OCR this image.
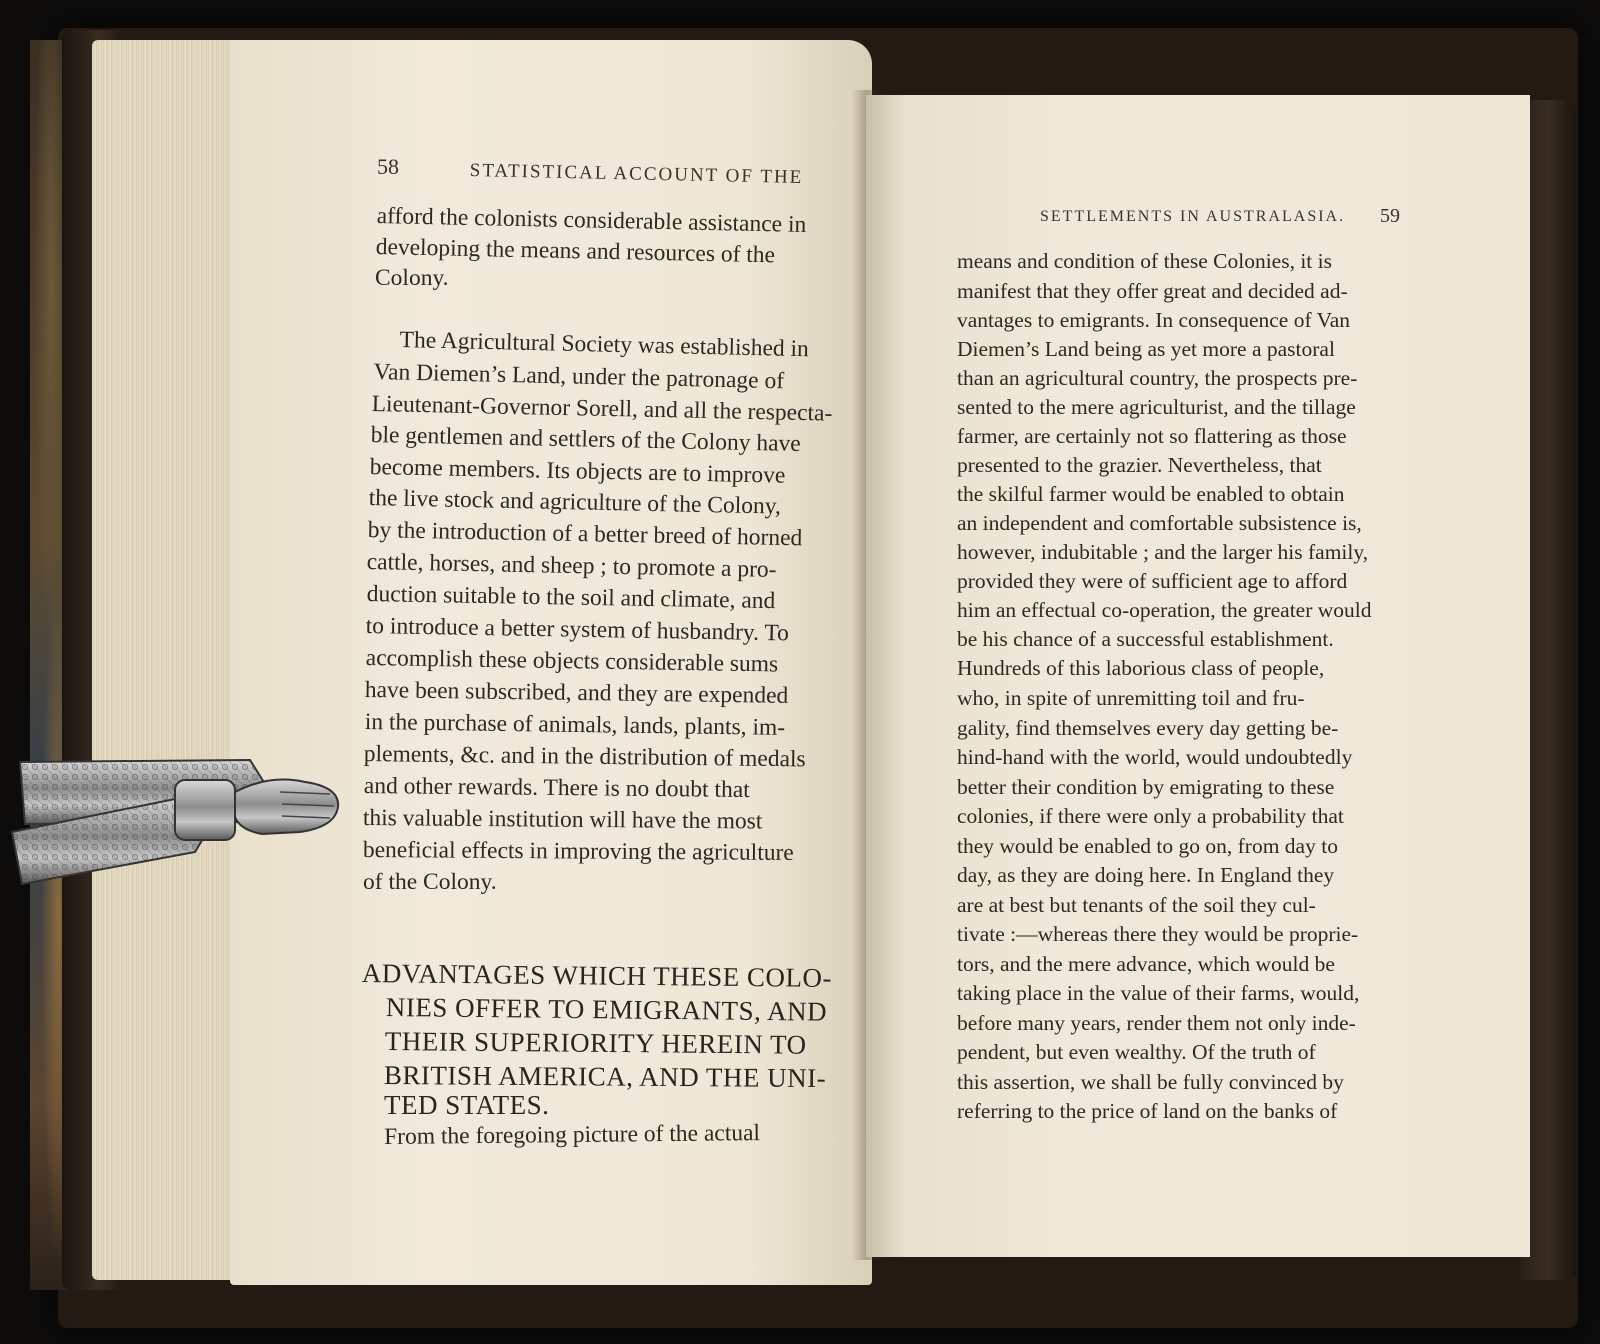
58	STATISTICAL ACCOUNT OF THE
afford the colonists considerable assistance in
developing the means and resources of the
Colony.
The Agricultural Society was established in
Van Diemen’s Land, under the patronage of
Lieutenant-Governor Sorell, and all the respecta-
ble gentlemen and settlers of the Colony have
become members. Its objects are to improve
the live stock and agriculture of the Colony,
by the introduction of a better breed of horned
cattle, horses, and sheep ; to promote a pro-
duction suitable to the soil and climate, and
to introduce a better system of husbandry. To
accomplish these objects considerable sums
have been subscribed, and they are expended
in the purchase of animals, lands, plants, im-
plements, &c. and in the distribution of medals
and other rewards. There is no doubt that
this valuable institution will have the most
beneficial effects in improving the agriculture
of the Colony.
ADVANTAGES WHICH THESE COLO-
NIES OFFER TO EMIGRANTS, AND
THEIR SUPERIORITY HEREIN TO
BRITISH AMERICA, AND THE UNI-
TED STATES.
From the foregoing picture of the actual
SETTLEMENTS IN AUSTRALASIA. 59
means and condition of these Colonies, it is
manifest that they offer great and decided ad-
vantages to emigrants. In consequence of Van
Diemen’s Land being as yet more a pastoral
than an agricultural country, the prospects pre-
sented to the mere agriculturist, and the tillage
farmer, are certainly not so flattering as those
presented to the grazier. Nevertheless, that
the skilful farmer would be enabled to obtain
an independent and comfortable subsistence is,
however, indubitable ; and the larger his family,
provided they were of sufficient age to afford
him an effectual co-operation, the greater would
be his chance of a successful establishment.
Hundreds of this laborious class of people,
who, in spite of unremitting toil and fru-
gality, find themselves every day getting be-
hind-hand with the world, would undoubtedly
better their condition by emigrating to these
colonies, if there were only a probability that
they would be enabled to go on, from day to
day, as they are doing here. In England they
are at best but tenants of the soil they cul-
tivate :—whereas there they would be proprie-
tors, and the mere advance, which would be
taking place in the value of their farms, would,
before many years, render them not only inde-
pendent, but even wealthy. Of the truth of
this assertion, we shall be fully convinced by
referring to the price of land on the banks of
